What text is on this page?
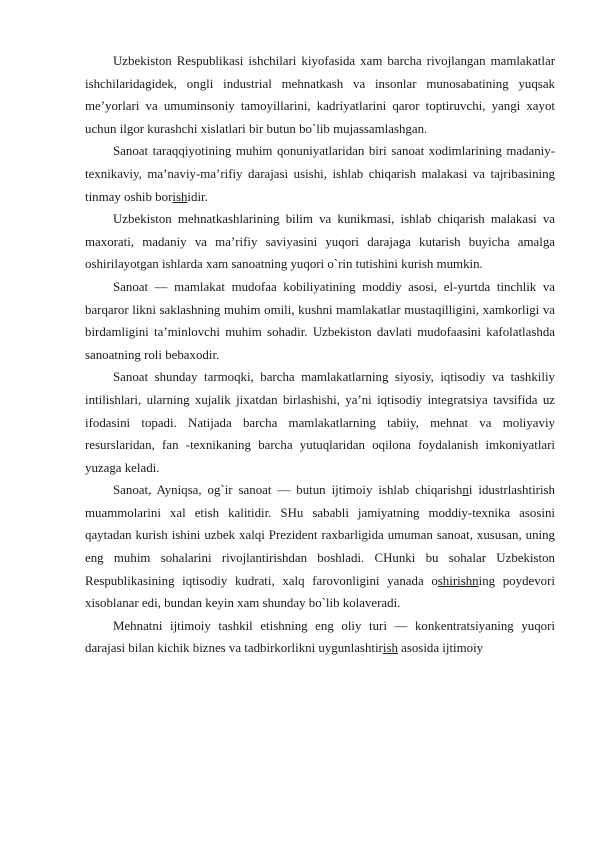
Uzbekiston Respublikasi ishchilari kiyofasida xam barcha rivojlangan mamlakatlar ishchilaridagidek, ongli industrial mehnatkash va insonlar munosabatining yuqsak me’yorlari va umuminsoniy tamoyillarini, kadriyatlarini qaror toptiruvchi, yangi xayot uchun ilgor kurashchi xislatlari bir butun bo`lib mujassamlashgan.

Sanoat taraqqiyotining muhim qonuniyatlaridan biri sanoat xodimlarining madaniy-texnikaviy, ma’naviy-ma’rifiy darajasi usishi, ishlab chiqarish malakasi va tajribasining tinmay oshib borishidir.

Uzbekiston mehnatkashlarining bilim va kunikmasi, ishlab chiqarish malakasi va maxorati, madaniy va ma’rifiy saviyasini yuqori darajaga kutarish buyicha amalga oshirilayotgan ishlarda xam sanoatning yuqori o`rin tutishini kurish mumkin.

Sanoat — mamlakat mudofaa kobiliyatining moddiy asosi, el-yurtda tinchlik va barqaror likni saklashning muhim omili, kushni mamlakatlar mustaqilligini, xamkorligi va birdamligini ta’minlovchi muhim sohadir. Uzbekiston davlati mudofaasini kafolatlashda sanoatning roli bebaxodir.

Sanoat shunday tarmoqki, barcha mamlakatlarning siyosiy, iqtisodiy va tashkiliy intilishlari, ularning xujalik jixatdan birlashishi, ya’ni iqtisodiy integratsiya tavsifida uz ifodasini topadi. Natijada barcha mamlakatlarning tabiiy, mehnat va moliyaviy resurslaridan, fan -texnikaning barcha yutuqlaridan oqilona foydalanish imkoniyatlari yuzaga keladi.

Sanoat, Ayniqsa, og`ir sanoat — butun ijtimoiy ishlab chiqarishni idustrlashtirish muammolarini xal etish kalitidir. SHu sababli jamiyatning moddiy-texnika asosini qaytadan kurish ishini uzbek xalqi Prezident raxbarligida umuman sanoat, xususan, uning eng muhim sohalarini rivojlantirishdan boshladi. CHunki bu sohalar Uzbekiston Respublikasining iqtisodiy kudrati, xalq farovonligini yanada oshirishning poydevori xisoblanar edi, bundan keyin xam shunday bo`lib kolaveradi.

Mehnatni ijtimoiy tashkil etishning eng oliy turi — konkentratsiyaning yuqori darajasi bilan kichik biznes va tadbirkorlikni uygunlashtirish asosida ijtimoiy
